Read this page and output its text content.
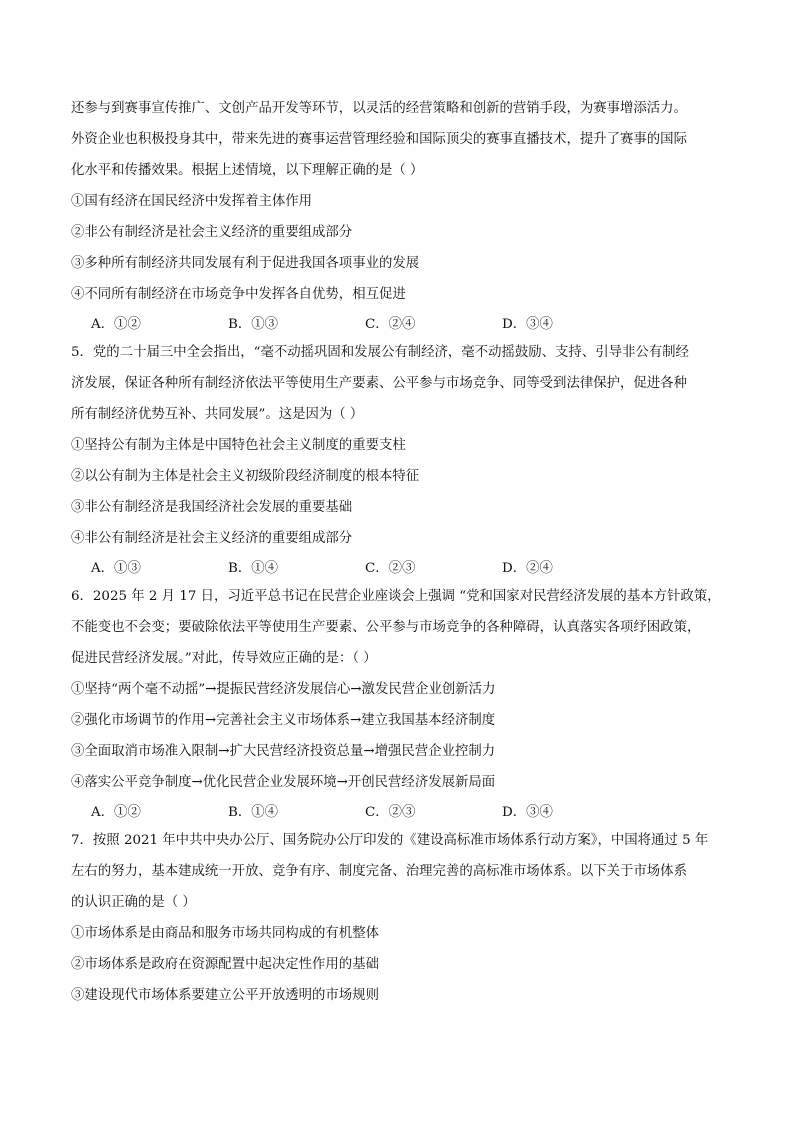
还参与到赛事宣传推广、文创产品开发等环节，以灵活的经营策略和创新的营销手段，为赛事增添活力。
外资企业也积极投身其中，带来先进的赛事运营管理经验和国际顶尖的赛事直播技术，提升了赛事的国际
化水平和传播效果。根据上述情境，以下理解正确的是（ ）
①国有经济在国民经济中发挥着主体作用
②非公有制经济是社会主义经济的重要组成部分
③多种所有制经济共同发展有利于促进我国各项事业的发展
④不同所有制经济在市场竞争中发挥各自优势，相互促进
A．①②	B．①③	C．②④	D．③④
5．党的二十届三中全会指出，“毫不动摇巩固和发展公有制经济，毫不动摇鼓励、支持、引导非公有制经
济发展，保证各种所有制经济依法平等使用生产要素、公平参与市场竞争、同等受到法律保护，促进各种
所有制经济优势互补、共同发展”。这是因为（ ）
①坚持公有制为主体是中国特色社会主义制度的重要支柱
②以公有制为主体是社会主义初级阶段经济制度的根本特征
③非公有制经济是我国经济社会发展的重要基础
④非公有制经济是社会主义经济的重要组成部分
A．①③	B．①④	C．②③	D．②④
6．2025 年 2 月 17 日，习近平总书记在民营企业座谈会上强调 “党和国家对民营经济发展的基本方针政策，
不能变也不会变；要破除依法平等使用生产要素、公平参与市场竞争的各种障碍，认真落实各项纾困政策，
促进民营经济发展。”对此，传导效应正确的是：（ ）
①坚持“两个毫不动摇”→提振民营经济发展信心→激发民营企业创新活力
②强化市场调节的作用→完善社会主义市场体系→建立我国基本经济制度
③全面取消市场准入限制→扩大民营经济投资总量→增强民营企业控制力
④落实公平竞争制度→优化民营企业发展环境→开创民营经济发展新局面
A．①②	B．①④	C．②③	D．③④
7．按照 2021 年中共中央办公厅、国务院办公厅印发的《建设高标准市场体系行动方案》，中国将通过 5 年
左右的努力，基本建成统一开放、竞争有序、制度完备、治理完善的高标准市场体系。以下关于市场体系
的认识正确的是（ ）
①市场体系是由商品和服务市场共同构成的有机整体
②市场体系是政府在资源配置中起决定性作用的基础
③建设现代市场体系要建立公平开放透明的市场规则
